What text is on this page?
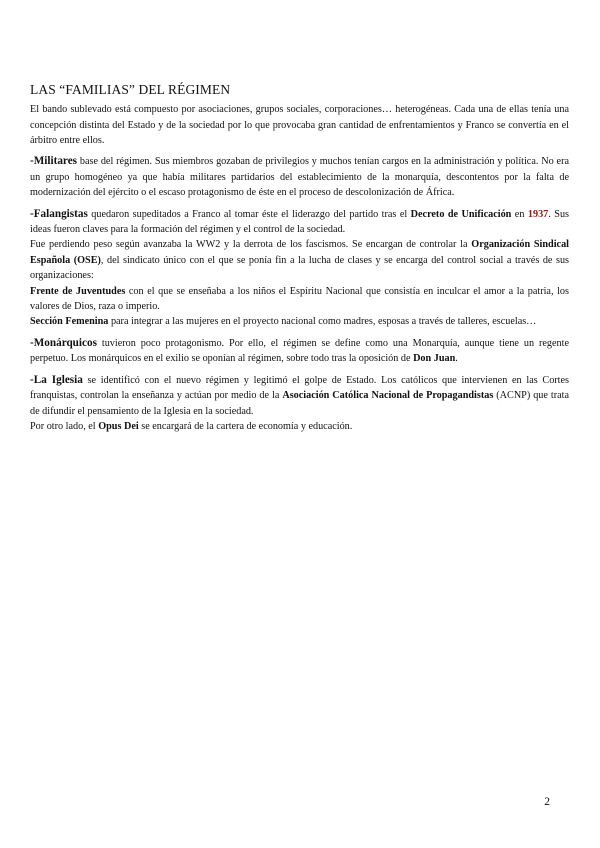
LAS “FAMILIAS” DEL RÉGIMEN

El bando sublevado está compuesto por asociaciones, grupos sociales, corporaciones… heterogéneas. Cada una de ellas tenía una concepción distinta del Estado y de la sociedad por lo que provocaba gran cantidad de enfrentamientos y Franco se convertía en el árbitro entre ellos.

-Militares base del régimen. Sus miembros gozaban de privilegios y muchos tenían cargos en la administración y política. No era un grupo homogéneo ya que había militares partidarios del establecimiento de la monarquía, descontentos por la falta de modernización del ejército o el escaso protagonismo de éste en el proceso de descolonización de África.

-Falangistas quedaron supeditados a Franco al tomar éste el liderazgo del partido tras el Decreto de Unificación en 1937. Sus ideas fueron claves para la formación del régimen y el control de la sociedad.

Fue perdiendo peso según avanzaba la WW2 y la derrota de los fascismos. Se encargan de controlar la Organización Sindical Española (OSE), del sindicato único con el que se ponía fin a la lucha de clases y se encarga del control social a través de sus organizaciones:

Frente de Juventudes con el que se enseñaba a los niños el Espíritu Nacional que consistía en inculcar el amor a la patria, los valores de Dios, raza o imperio.

Sección Femenina para integrar a las mujeres en el proyecto nacional como madres, esposas a través de talleres, escuelas…

-Monárquicos tuvieron poco protagonismo. Por ello, el régimen se define como una Monarquía, aunque tiene un regente perpetuo. Los monárquicos en el exilio se oponían al régimen, sobre todo tras la oposición de Don Juan.

-La Iglesia se identificó con el nuevo régimen y legitimó el golpe de Estado. Los católicos que intervienen en las Cortes franquistas, controlan la enseñanza y actúan por medio de la Asociación Católica Nacional de Propagandistas (ACNP) que trata de difundir el pensamiento de la Iglesia en la sociedad.

Por otro lado, el Opus Dei se encargará de la cartera de economía y educación.

2
